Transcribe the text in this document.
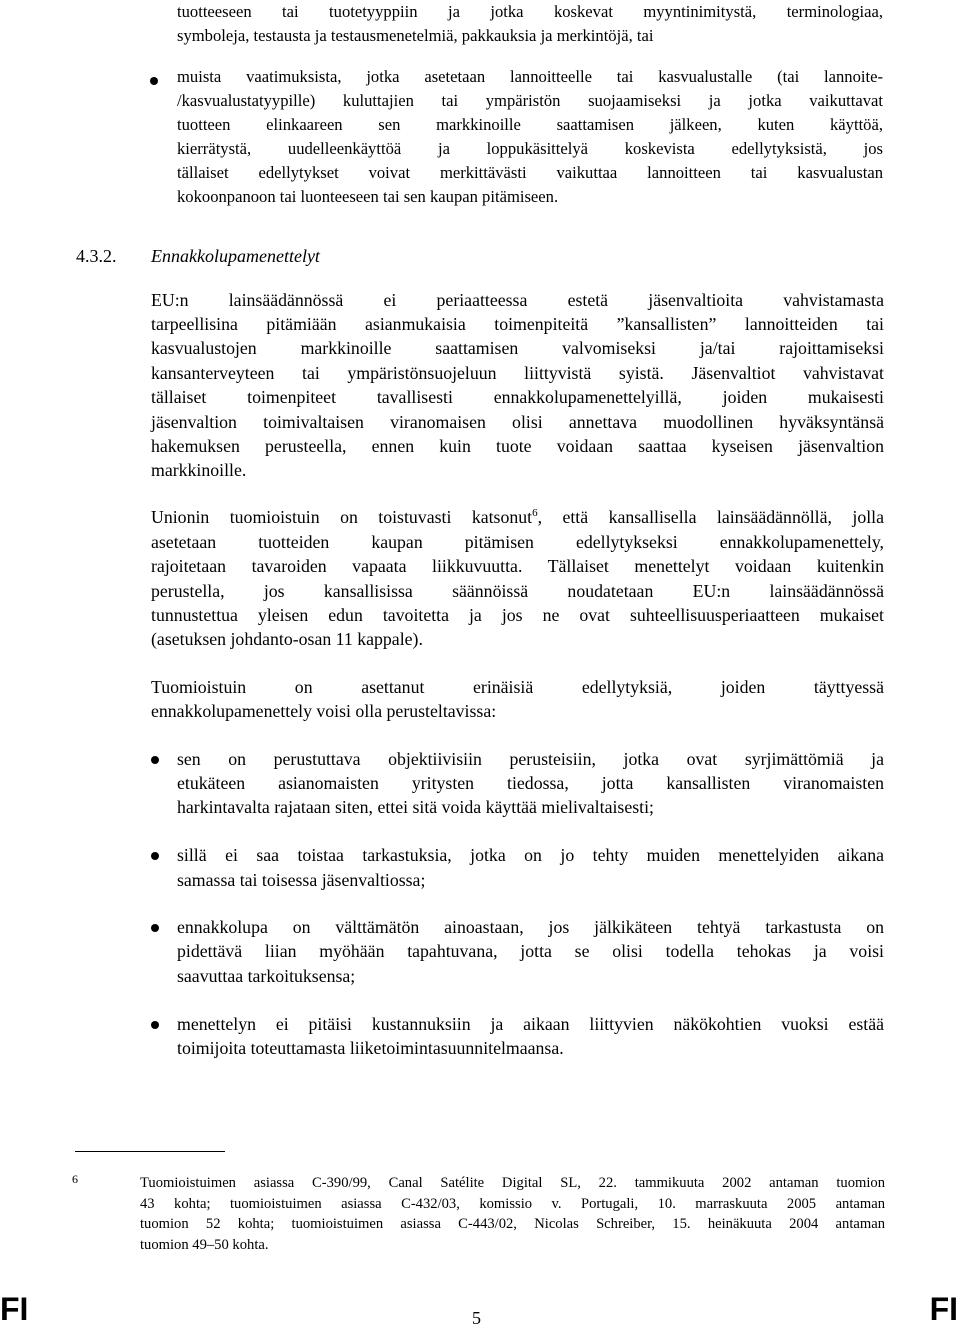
tuotteeseen tai tuotetyyppiin ja jotka koskevat myyntinimitystä, terminologiaa,

symboleja, testausta ja testausmenetelmiä, pakkauksia ja merkintöjä, tai

muista vaatimuksista, jotka asetetaan lannoitteelle tai kasvualustalle (tai lannoite-

/kasvualustatyypille) kuluttajien tai ympäristön suojaamiseksi ja jotka vaikuttavat

tuotteen elinkaareen sen markkinoille saattamisen jälkeen, kuten käyttöä,

kierrätystä, uudelleenkäyttöä ja loppukäsittelyä koskevista edellytyksistä, jos

tällaiset edellytykset voivat merkittävästi vaikuttaa lannoitteen tai kasvualustan

kokoonpanoon tai luonteeseen tai sen kaupan pitämiseen.

4.3.2. Ennakkolupamenettelyt

EU:n lainsäädännössä ei periaatteessa estetä jäsenvaltioita vahvistamasta

tarpeellisina pitämiään asianmukaisia toimenpiteitä ”kansallisten” lannoitteiden tai

kasvualustojen markkinoille saattamisen valvomiseksi ja/tai rajoittamiseksi

kansanterveyteen tai ympäristönsuojeluun liittyvistä syistä. Jäsenvaltiot vahvistavat

tällaiset toimenpiteet tavallisesti ennakkolupamenettelyillä, joiden mukaisesti

jäsenvaltion toimivaltaisen viranomaisen olisi annettava muodollinen hyväksyntänsä

hakemuksen perusteella, ennen kuin tuote voidaan saattaa kyseisen jäsenvaltion

markkinoille.

Unionin tuomioistuin on toistuvasti katsonut$^6$, että kansallisella lainsäädännöllä, jolla

asetetaan tuotteiden kaupan pitämisen edellytykseksi ennakkolupamenettely,

rajoitetaan tavaroiden vapaata liikkuvuutta. Tällaiset menettelyt voidaan kuitenkin

perustella, jos kansallisissa säännöissä noudatetaan EU:n lainsäädännössä

tunnustettua yleisen edun tavoitetta ja jos ne ovat suhteellisuusperiaatteen mukaiset

(asetuksen johdanto-osan 11 kappale).

Tuomioistuin on asettanut erinäisiä edellytyksiä, joiden täyttyessä

ennakkolupamenettely voisi olla perusteltavissa:

sen on perustuttava objektiivisiin perusteisiin, jotka ovat syrjimättömiä ja

etukäteen asianomaisten yritysten tiedossa, jotta kansallisten viranomaisten

harkintavalta rajataan siten, ettei sitä voida käyttää mielivaltaisesti;

sillä ei saa toistaa tarkastuksia, jotka on jo tehty muiden menettelyiden aikana

samassa tai toisessa jäsenvaltiossa;

ennakkolupa on välttämätön ainoastaan, jos jälkikäteen tehtyä tarkastusta on

pidettävä liian myöhään tapahtuvana, jotta se olisi todella tehokas ja voisi

saavuttaa tarkoituksensa;

menettelyn ei pitäisi kustannuksiin ja aikaan liittyvien näkökohtien vuoksi estää

toimijoita toteuttamasta liiketoimintasuunnitelmaansa.

6	Tuomioistuimen asiassa C-390/99, Canal Satélite Digital SL, 22. tammikuuta 2002 antaman tuomion

43 kohta; tuomioistuimen asiassa C-432/03, komissio v. Portugali, 10. marraskuuta 2005 antaman

tuomion 52 kohta; tuomioistuimen asiassa C-443/02, Nicolas Schreiber, 15. heinäkuuta 2004 antaman

tuomion 49–50 kohta.

FI	5	FI
